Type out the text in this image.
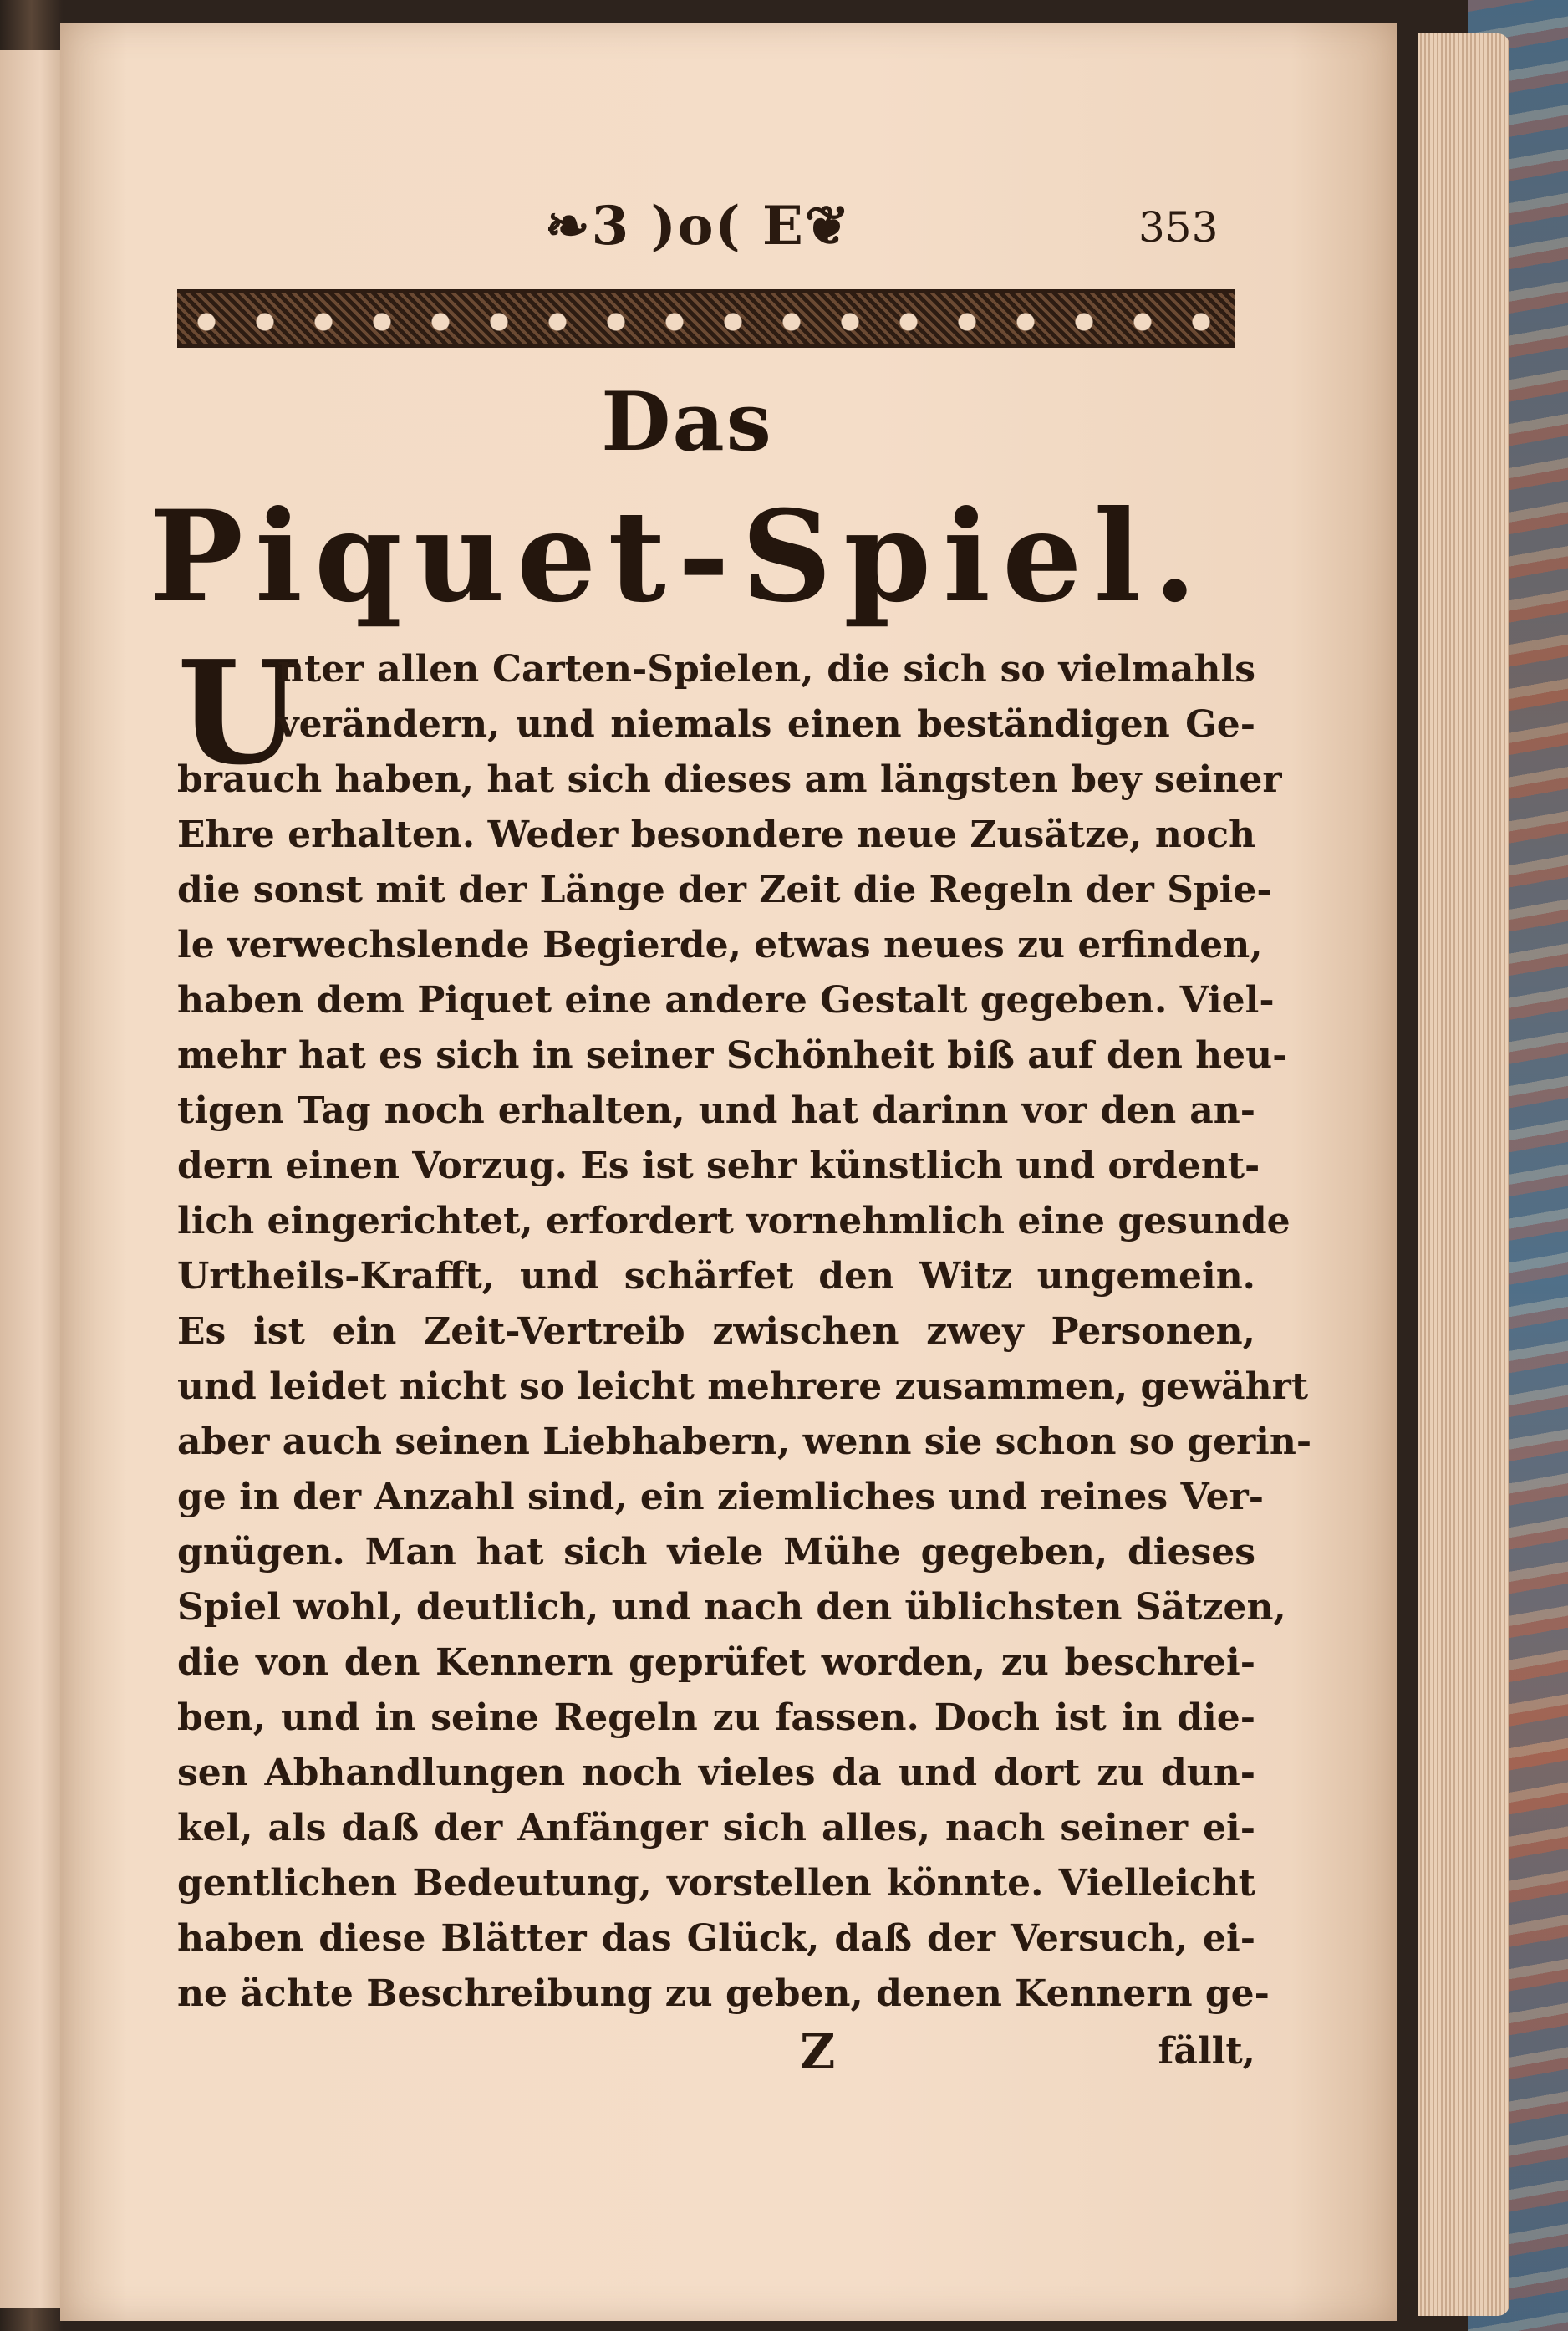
❧3 )o( E❦	353
Das
Piquet-Spiel.
U
nter allen Carten-Spielen, die sich so vielmahls
verändern, und niemals einen beständigen Ge-
brauch haben, hat sich dieses am längsten bey seiner
Ehre erhalten. Weder besondere neue Zusätze, noch
die sonst mit der Länge der Zeit die Regeln der Spie-
le verwechslende Begierde, etwas neues zu erfinden,
haben dem Piquet eine andere Gestalt gegeben. Viel-
mehr hat es sich in seiner Schönheit biß auf den heu-
tigen Tag noch erhalten, und hat darinn vor den an-
dern einen Vorzug. Es ist sehr künstlich und ordent-
lich eingerichtet, erfordert vornehmlich eine gesunde
Urtheils-Krafft, und schärfet den Witz ungemein.
Es ist ein Zeit-Vertreib zwischen zwey Personen,
und leidet nicht so leicht mehrere zusammen, gewährt
aber auch seinen Liebhabern, wenn sie schon so gerin-
ge in der Anzahl sind, ein ziemliches und reines Ver-
gnügen. Man hat sich viele Mühe gegeben, dieses
Spiel wohl, deutlich, und nach den üblichsten Sätzen,
die von den Kennern geprüfet worden, zu beschrei-
ben, und in seine Regeln zu fassen. Doch ist in die-
sen Abhandlungen noch vieles da und dort zu dun-
kel, als daß der Anfänger sich alles, nach seiner ei-
gentlichen Bedeutung, vorstellen könnte. Vielleicht
haben diese Blätter das Glück, daß der Versuch, ei-
ne ächte Beschreibung zu geben, denen Kennern ge-
Z	fällt,
